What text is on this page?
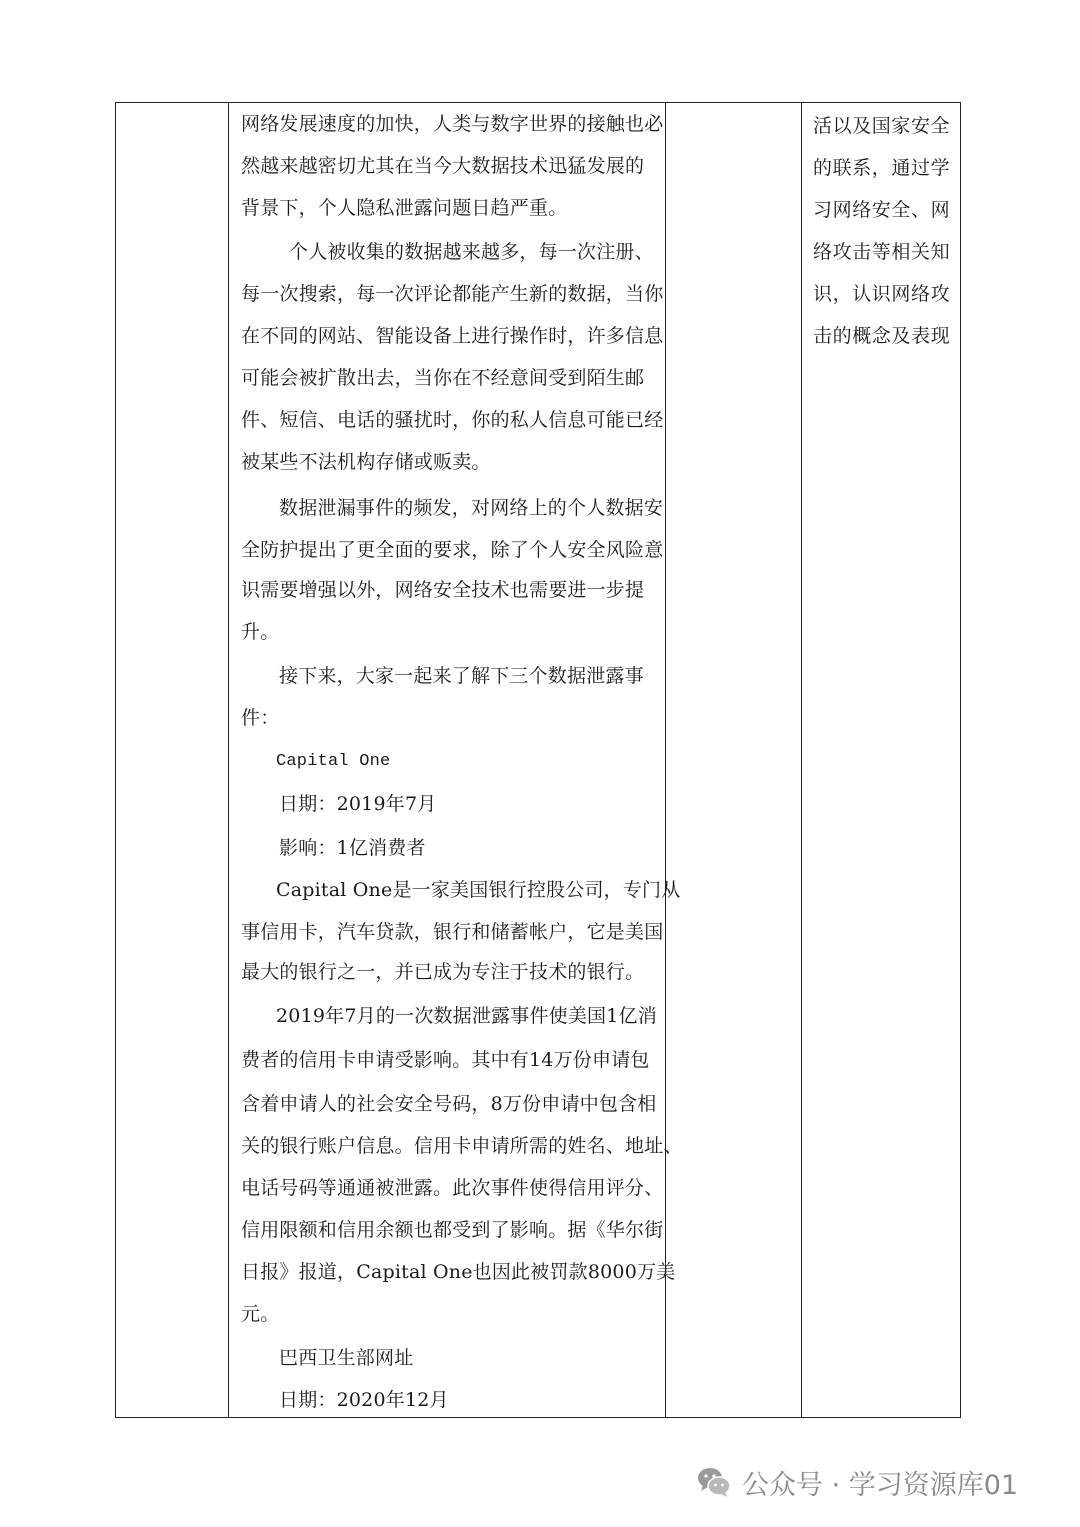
网络发展速度的加快，人类与数字世界的接触也必
然越来越密切尤其在当今大数据技术迅猛发展的
背景下，个人隐私泄露问题日趋严重。
个人被收集的数据越来越多，每一次注册、
每一次搜索，每一次评论都能产生新的数据，当你
在不同的网站、智能设备上进行操作时，许多信息
可能会被扩散出去，当你在不经意间受到陌生邮
件、短信、电话的骚扰时，你的私人信息可能已经
被某些不法机构存储或贩卖。
数据泄漏事件的频发，对网络上的个人数据安
全防护提出了更全面的要求，除了个人安全风险意
识需要增强以外，网络安全技术也需要进一步提
升。
接下来，大家一起来了解下三个数据泄露事
件：
Capital One
日期：2019年7月
影响：1亿消费者
Capital One是一家美国银行控股公司，专门从
事信用卡，汽车贷款，银行和储蓄帐户，它是美国
最大的银行之一，并已成为专注于技术的银行。
2019年7月的一次数据泄露事件使美国1亿消
费者的信用卡申请受影响。其中有14万份申请包
含着申请人的社会安全号码，8万份申请中包含相
关的银行账户信息。信用卡申请所需的姓名、地址、
电话号码等通通被泄露。此次事件使得信用评分、
信用限额和信用余额也都受到了影响。据《华尔街
日报》报道，Capital One也因此被罚款8000万美
元。
巴西卫生部网址
日期：2020年12月
活以及国家安全
的联系，通过学
习网络安全、网
络攻击等相关知
识，认识网络攻
击的概念及表现
公众号 · 学习资源库01
